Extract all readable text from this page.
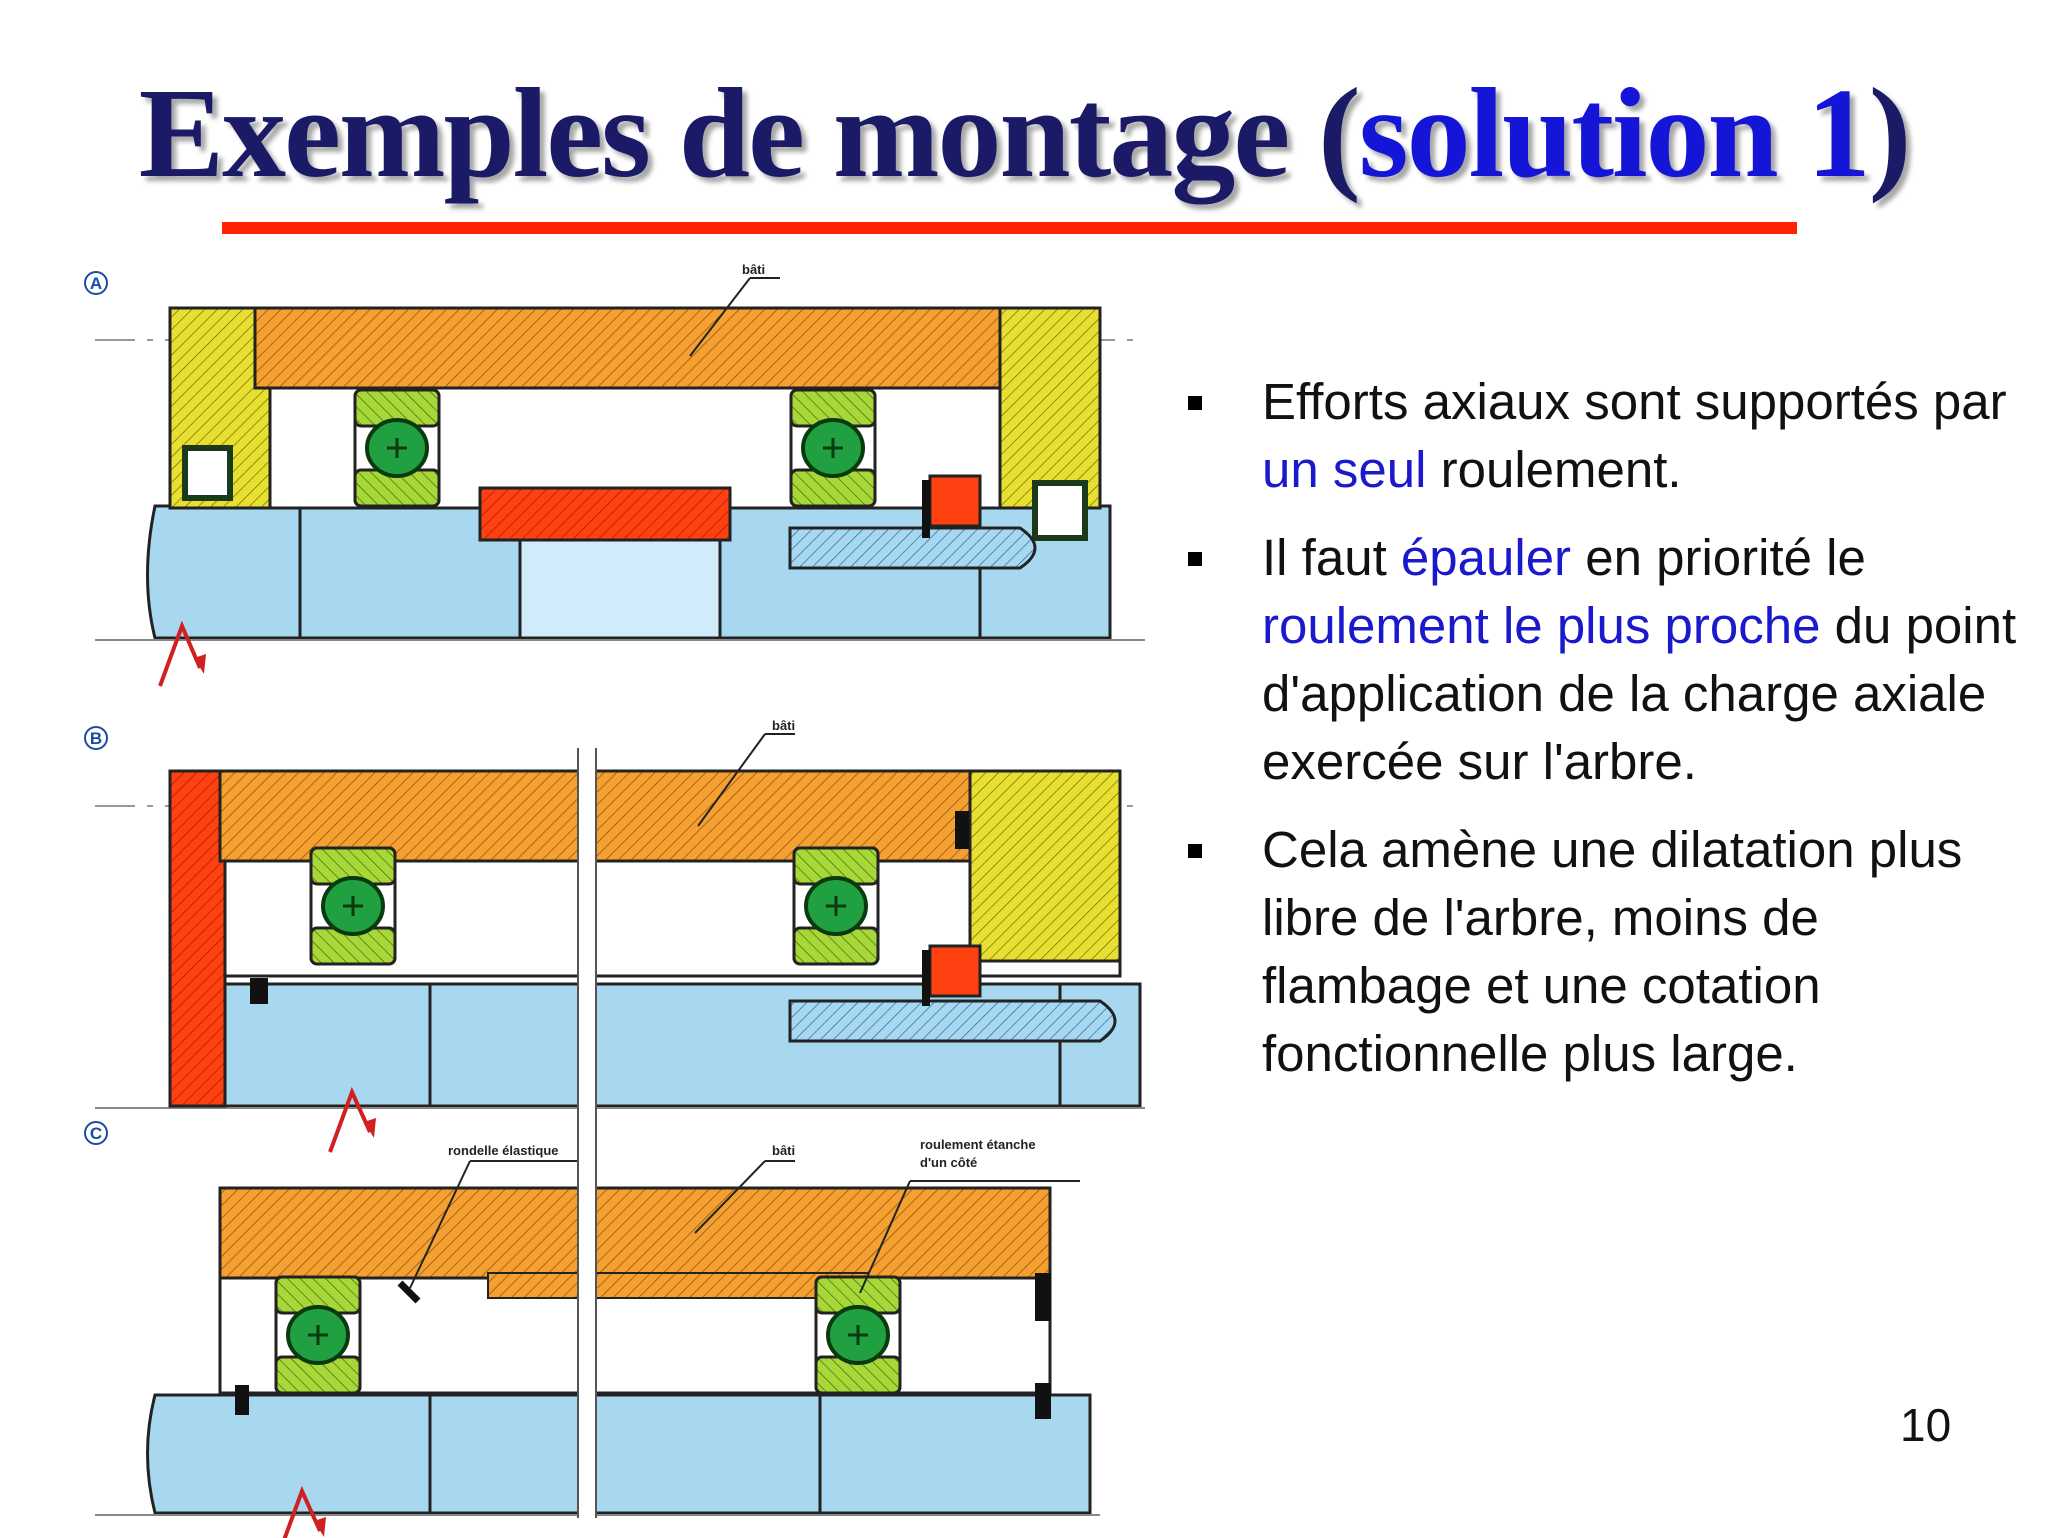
Exemples de montage (solution 1)
A
bâti
B
bâti
C
rondelle élastique	bâti	roulement étanche
d'un côté
Efforts axiaux sont supportés par un seul roulement.
Il faut épauler en priorité le roulement le plus proche du point d'application de la charge axiale exercée sur l'arbre.
Cela amène une dilatation plus libre de l'arbre, moins de flambage et une cotation fonctionnelle plus large.
10
